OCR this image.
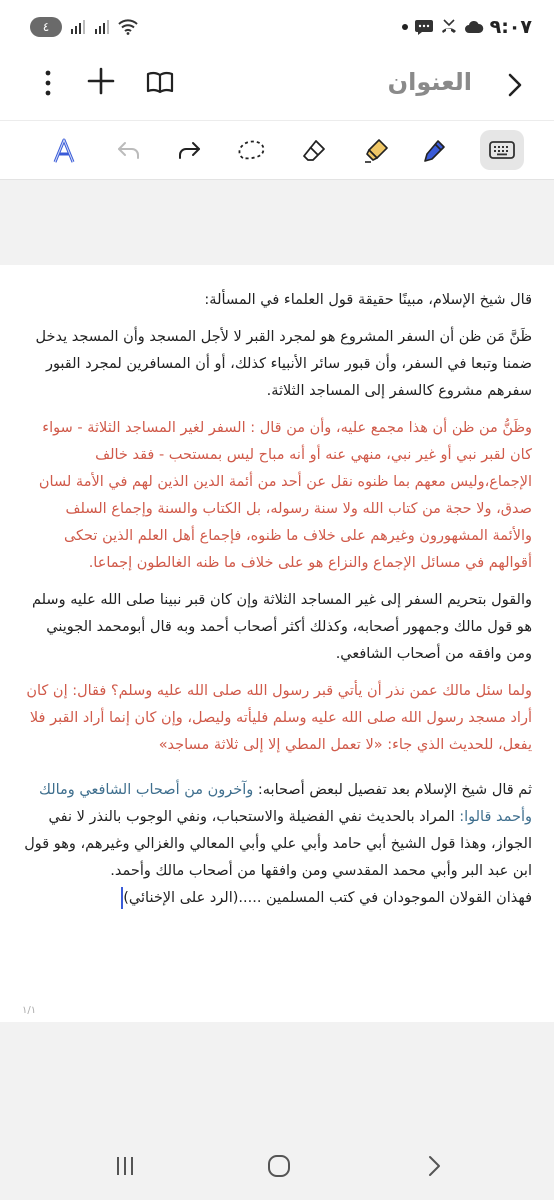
٩:٠٧
٤
العنوان

قال شيخ الإسلام، مبينًا حقيقة قول العلماء في المسألة:

ظَنَّ مَن ظن أن السفر المشروع هو لمجرد القبر لا لأجل المسجد وأن المسجد يدخل ضمنا وتبعا في السفر، وأن قبور سائر الأنبياء كذلك، أو أن المسافرين لمجرد القبور سفرهم مشروع كالسفر إلى المساجد الثلاثة.

وظَنُّ من ظن أن هذا مجمع عليه، وأن من قال : السفر لغير المساجد الثلاثة - سواء كان لقبر نبي أو غير نبي، منهي عنه أو أنه مباح ليس بمستحب - فقد خالف الإجماع،وليس معهم بما ظنوه نقل عن أحد من أئمة الدين الذين لهم في الأمة لسان صدق، ولا حجة من كتاب الله ولا سنة رسوله، بل الكتاب والسنة وإجماع السلف والأئمة المشهورون وغيرهم على خلاف ما ظنوه، فإجماع أهل العلم الذين تحكى أقوالهم في مسائل الإجماع والنزاع هو على خلاف ما ظنه الغالطون إجماعا.

والقول بتحريم السفر إلى غير المساجد الثلاثة وإن كان قبر نبينا صلى الله عليه وسلم هو قول مالك وجمهور أصحابه، وكذلك أكثر أصحاب أحمد وبه قال أبومحمد الجويني ومن وافقه من أصحاب الشافعي.

ولما سئل مالك عمن نذر أن يأتي قبر رسول الله صلى الله عليه وسلم؟ فقال: إن كان أراد مسجد رسول الله صلى الله عليه وسلم فليأته وليصل، وإن كان إنما أراد القبر فلا يفعل، للحديث الذي جاء: «لا تعمل المطي إلا إلى ثلاثة مساجد»

ثم قال شيخ الإسلام بعد تفصيل لبعض أصحابه: وآخرون من أصحاب الشافعي ومالك وأحمد قالوا: المراد بالحديث نفي الفضيلة والاستحباب، ونفي الوجوب بالنذر لا نفي الجواز، وهذا قول الشيخ أبي حامد وأبي علي وأبي المعالي والغزالي وغيرهم، وهو قول ابن عبد البر وأبي محمد المقدسي ومن وافقها من أصحاب مالك وأحمد.

فهذان القولان الموجودان في كتب المسلمين .....(الرد على الإخنائي)

١/١
